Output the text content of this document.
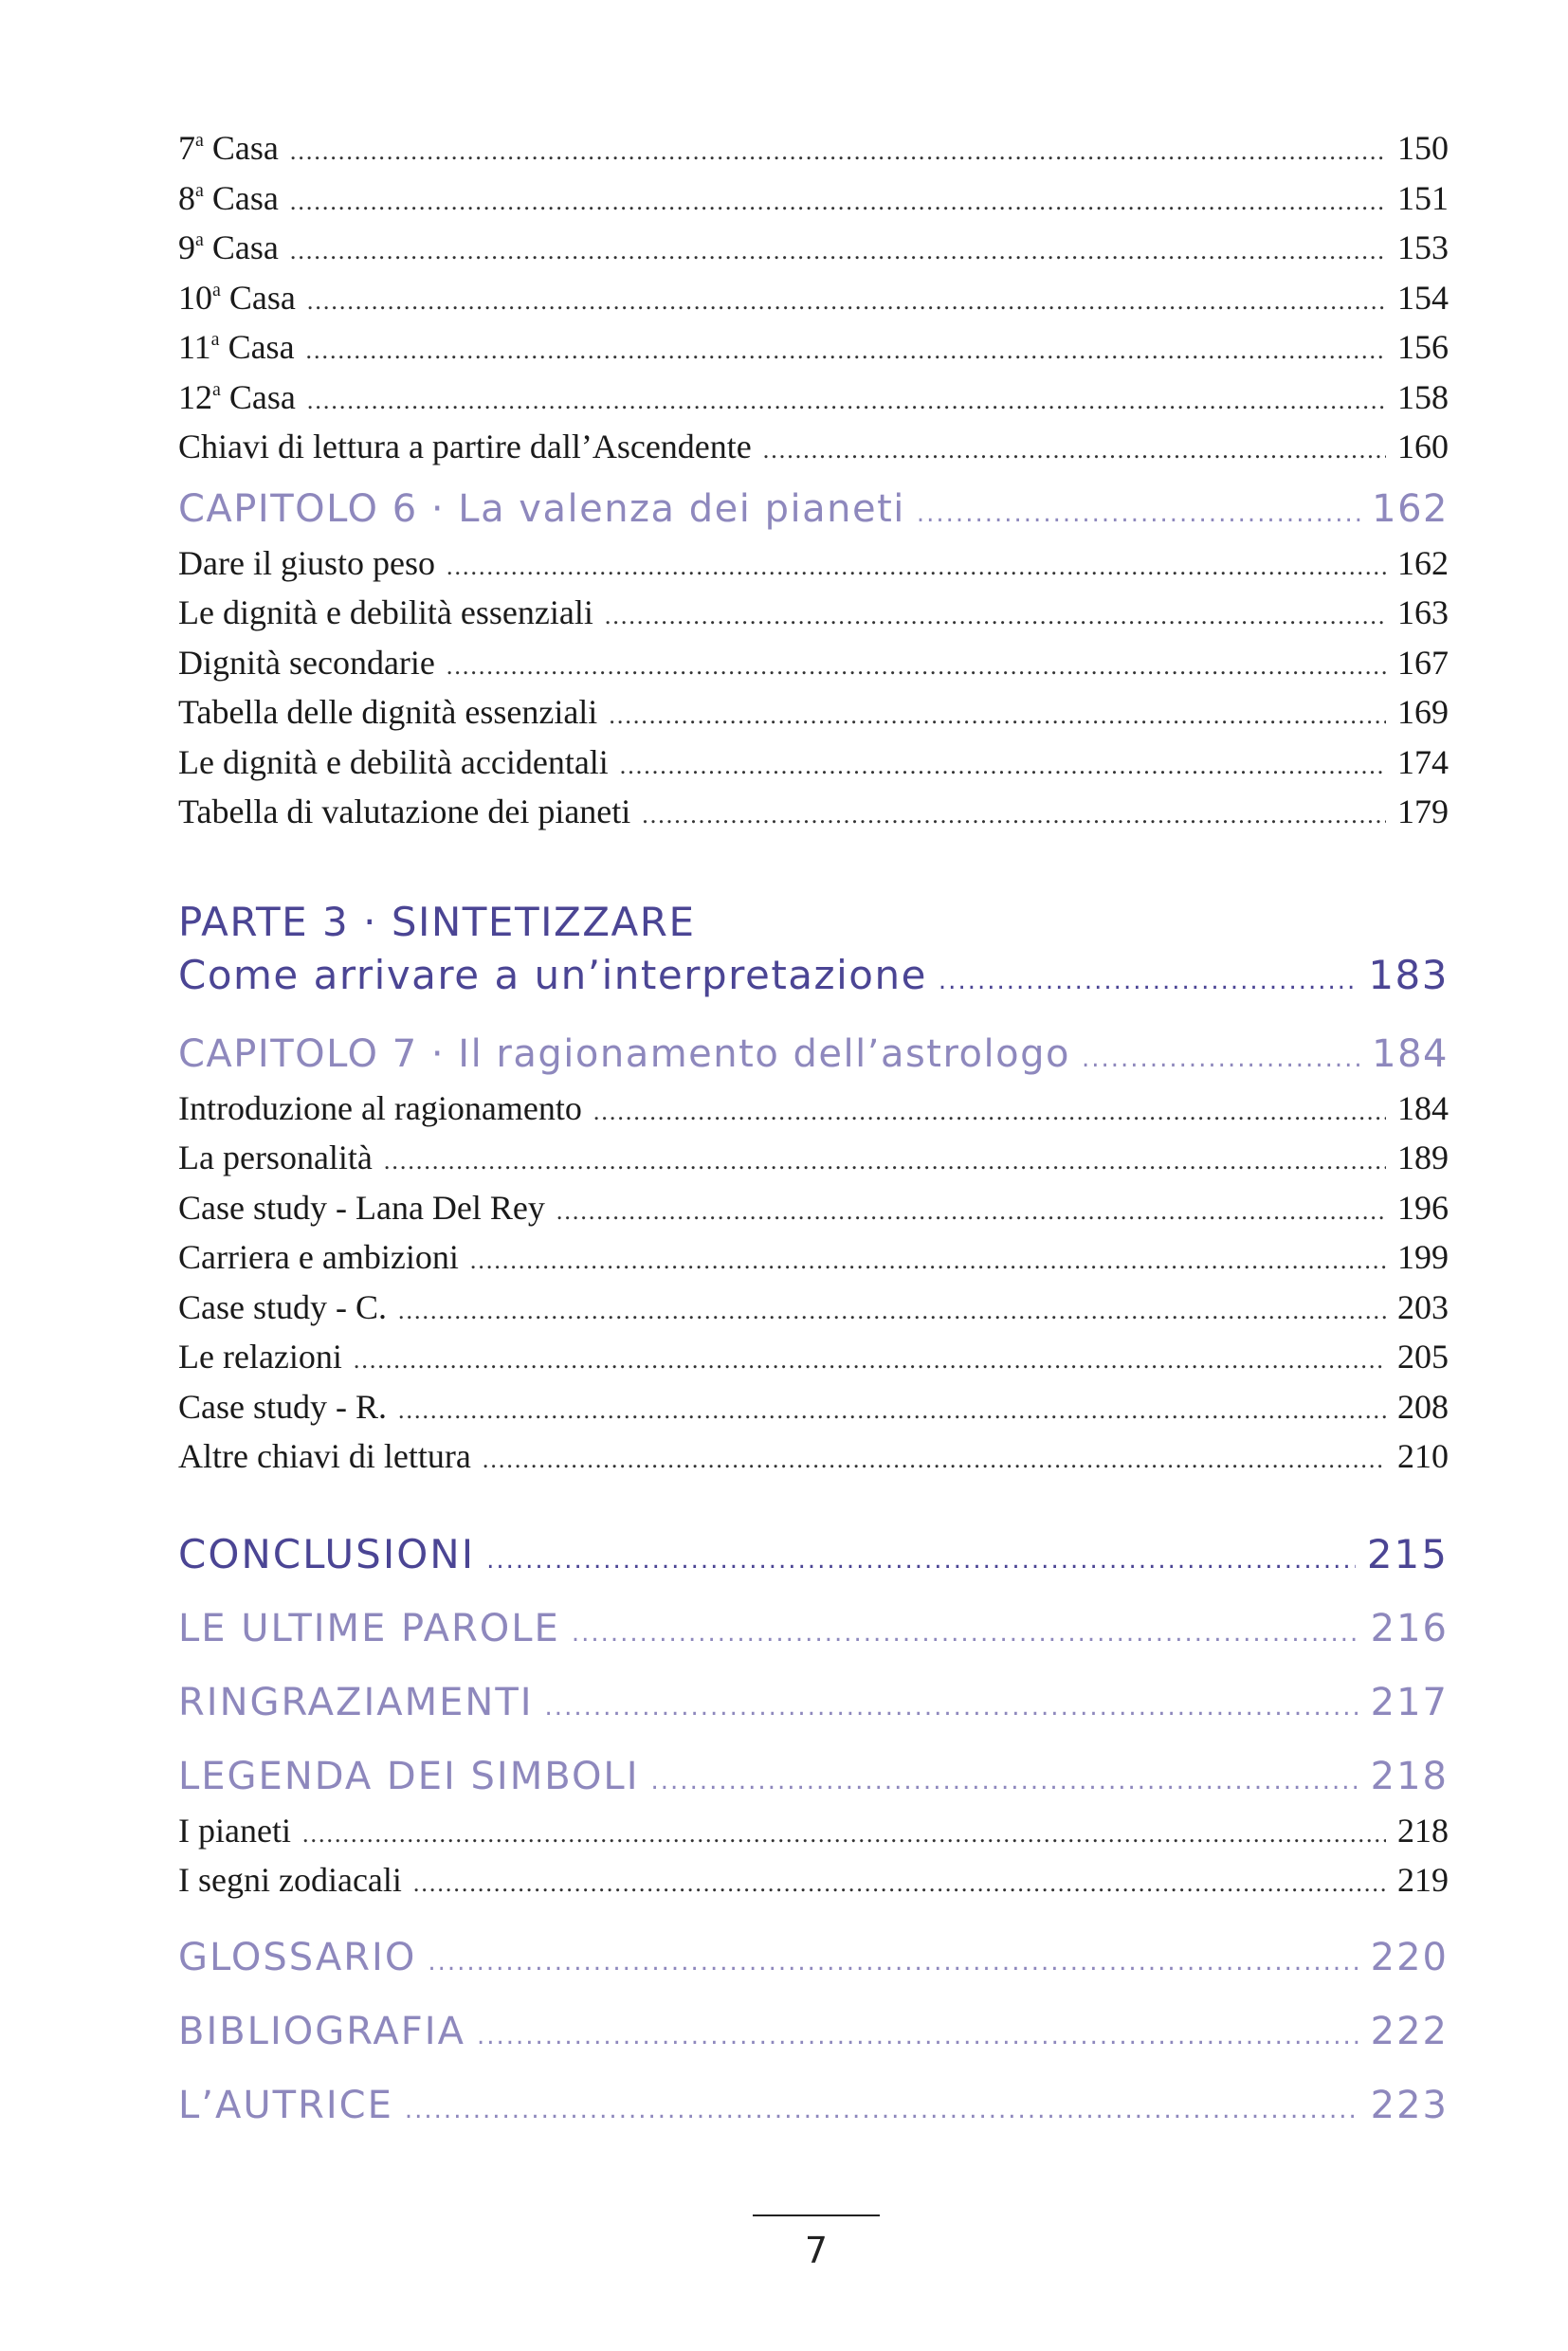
7$^a$ Casa .....	150
8$^a$ Casa .....	151
9$^a$ Casa .....	153
10$^a$ Casa .....	154
11$^a$ Casa .....	156
12$^a$ Casa .....	158
Chiavi di lettura a partire dall’Ascendente .....	160
CAPITOLO 6 · La valenza dei pianeti .....	162
Dare il giusto peso .....	162
Le dignità e debilità essenziali .....	163
Dignità secondarie .....	167
Tabella delle dignità essenziali .....	169
Le dignità e debilità accidentali .....	174
Tabella di valutazione dei pianeti .....	179
PARTE 3 · SINTETIZZARE
Come arrivare a un’interpretazione .....	183
CAPITOLO 7 · Il ragionamento dell’astrologo .....	184
Introduzione al ragionamento .....	184
La personalità .....	189
Case study - Lana Del Rey .....	196
Carriera e ambizioni .....	199
Case study - C. .....	203
Le relazioni .....	205
Case study - R. .....	208
Altre chiavi di lettura .....	210
CONCLUSIONI .....	215
LE ULTIME PAROLE .....	216
RINGRAZIAMENTI .....	217
LEGENDA DEI SIMBOLI .....	218
I pianeti .....	218
I segni zodiacali .....	219
GLOSSARIO .....	220
BIBLIOGRAFIA .....	222
L’AUTRICE .....	223
7
